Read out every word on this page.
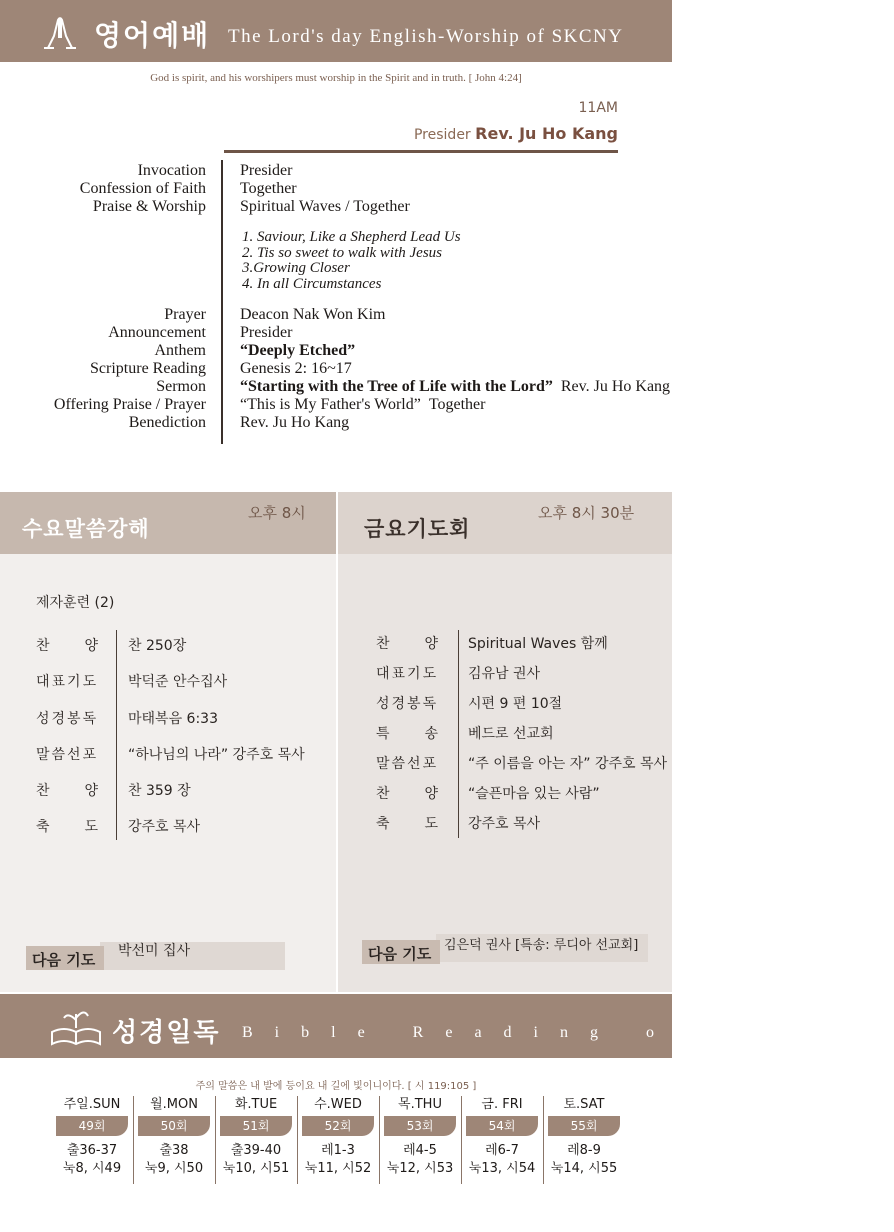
영어예배 The Lord's day English-Worship of SKCNY
God is spirit, and his worshipers must worship in the Spirit and in truth. [ John 4:24]
11AM
Presider Rev. Ju Ho Kang
Invocation Presider
Confession of Faith Together
Praise & Worship Spiritual Waves / Together
1. Saviour, Like a Shepherd Lead Us
2. Tis so sweet to walk with Jesus
3.Growing Closer
4. In all Circumstances
Prayer Deacon Nak Won Kim
Announcement Presider
Anthem “Deeply Etched”
Scripture Reading Genesis 2: 16~17
Sermon “Starting with the Tree of Life with the Lord” Rev. Ju Ho Kang
Offering Praise / Prayer “This is My Father's World” Together
Benediction Rev. Ju Ho Kang
수요말씀강해
오후 8시
금요기도회
오후 8시 30분
제자훈련 (2)
찬 양 찬 250장
대표기도 박덕준 안수집사
성경봉독 마태복음 6:33
말씀선포 “하나님의 나라” 강주호 목사
찬 양 찬 359 장
축 도 강주호 목사
찬 양 Spiritual Waves 함께
대표기도 김유남 권사
성경봉독 시편 9 편 10절
특 송 베드로 선교회
말씀선포 “주 이름을 아는 자” 강주호 목사
찬 양 “슬픈마음 있는 사람”
축 도 강주호 목사
다음 기도	박선미 집사	다음 기도 김은덕 권사 [특송: 루디아 선교회]
성경일독 Bible Reading of SKCNY
주의 말씀은 내 발에 등이요 내 길에 빛이니이다. [ 시 119:105 ]
주일.SUN
49회
출36-37
눅8, 시49
월.MON
50회
출38
눅9, 시50
화.TUE
51회
출39-40
눅10, 시51
수.WED
52회
레1-3
눅11, 시52
목.THU
53회
레4-5
눅12, 시53
금. FRI
54회
레6-7
눅13, 시54
토.SAT
55회
레8-9
눅14, 시55
